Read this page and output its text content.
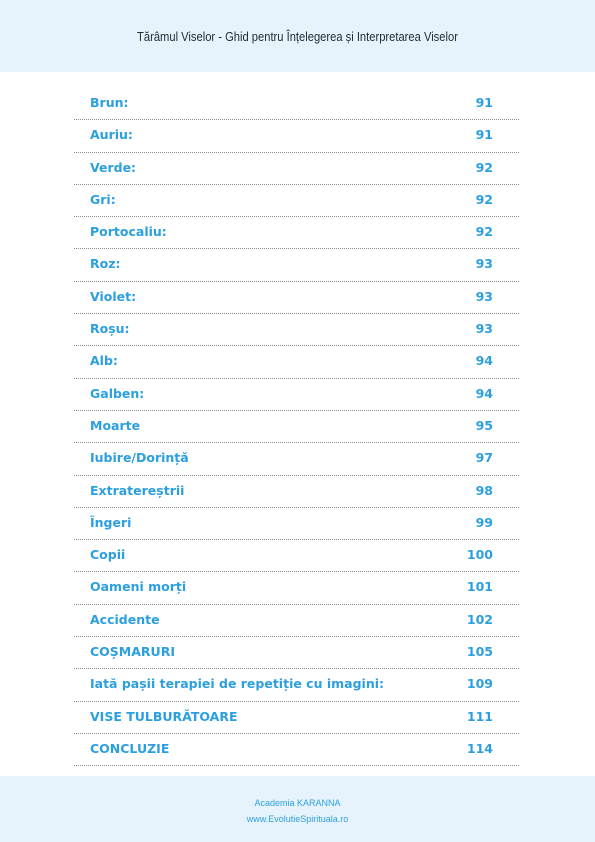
Tărâmul Viselor - Ghid pentru Înțelegerea și Interpretarea Viselor
Brun:	91
Auriu:	91
Verde:	92
Gri:	92
Portocaliu:	92
Roz:	93
Violet:	93
Roșu:	93
Alb:	94
Galben:	94
Moarte	95
Iubire/Dorință	97
Extratereștrii	98
Îngeri	99
Copii	100
Oameni morți	101
Accidente	102
COȘMARURI	105
Iată pașii terapiei de repetiție cu imagini:	109
VISE TULBURĂTOARE	111
CONCLUZIE	114
Academia KARANNA
www.EvolutieSpirituala.ro
